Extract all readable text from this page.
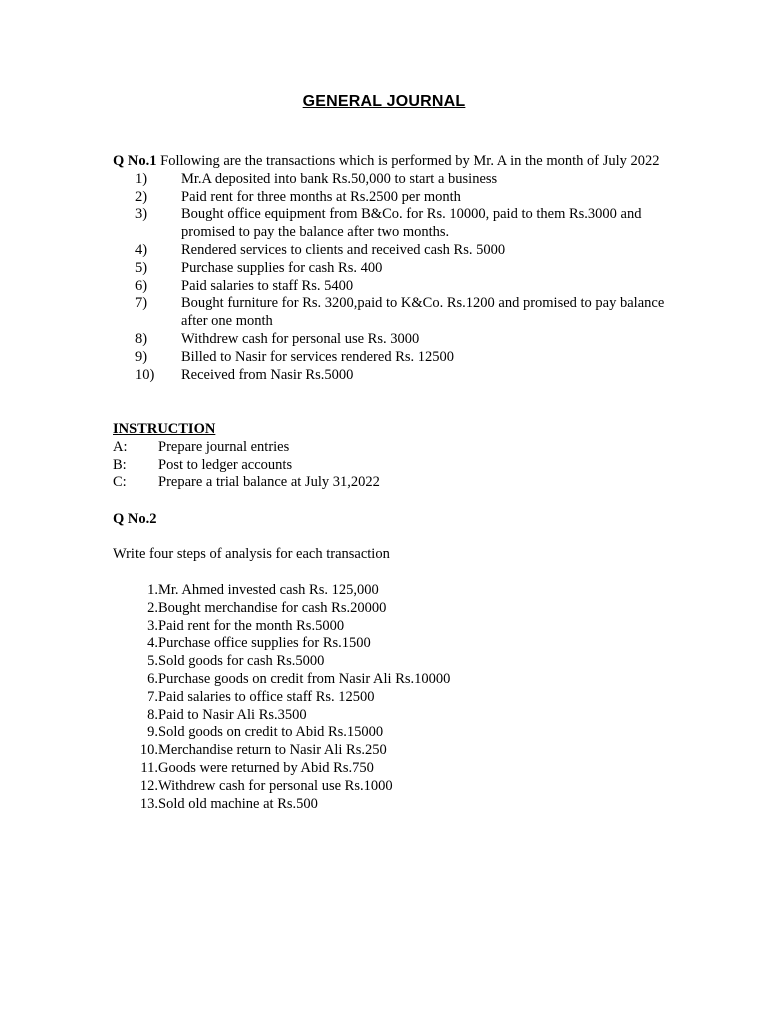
GENERAL JOURNAL

Q No.1 Following are the transactions which is performed by Mr. A in the month of July 2022

1)	Mr.A deposited into bank Rs.50,000 to start a business
2)	Paid rent for three months at Rs.2500 per month
3)	Bought office equipment from B&Co. for Rs. 10000, paid to them Rs.3000 and promised to pay the balance after two months.
4)	Rendered services to clients and received cash Rs. 5000
5)	Purchase supplies for cash Rs. 400
6)	Paid salaries to staff Rs. 5400
7)	Bought furniture for Rs. 3200,paid to K&Co. Rs.1200 and promised to pay balance after one month
8)	Withdrew cash for personal use Rs. 3000
9)	Billed to Nasir for services rendered Rs. 12500
10)	Received from Nasir Rs.5000

INSTRUCTION

A:	Prepare journal entries
B:	Post to ledger accounts
C:	Prepare a trial balance at July 31,2022
Q No.2
Write four steps of analysis for each transaction
1. Mr. Ahmed invested cash Rs. 125,000
2. Bought merchandise for cash Rs.20000
3. Paid rent for the month Rs.5000
4. Purchase office supplies for Rs.1500
5. Sold goods for cash Rs.5000
6. Purchase goods on credit from Nasir Ali Rs.10000
7. Paid salaries to office staff Rs. 12500
8. Paid to Nasir Ali Rs.3500
9. Sold goods on credit to Abid Rs.15000
10. Merchandise return to Nasir Ali Rs.250
11. Goods were returned by Abid Rs.750
12. Withdrew cash for personal use Rs.1000
13. Sold old machine at Rs.500
